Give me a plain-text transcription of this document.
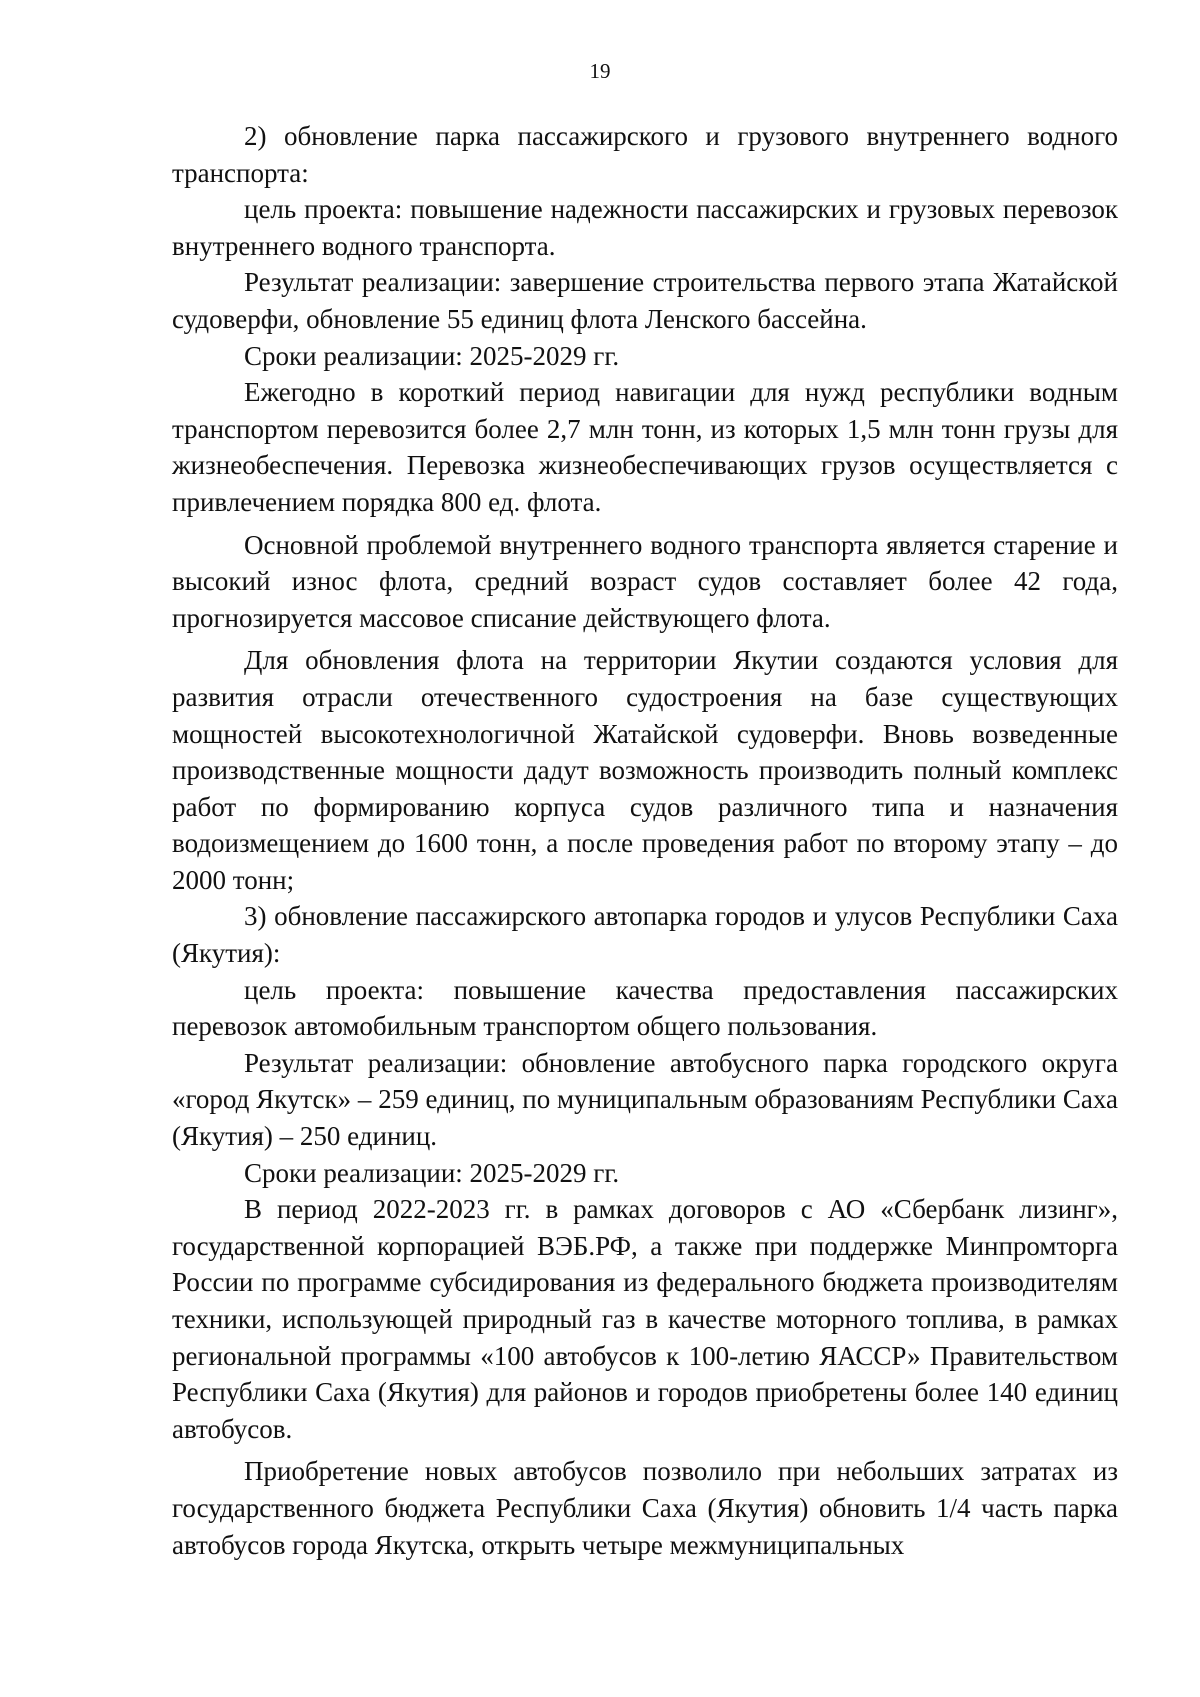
19

2) обновление парка пассажирского и грузового внутреннего водного транспорта:

цель проекта: повышение надежности пассажирских и грузовых перевозок внутреннего водного транспорта.

Результат реализации: завершение строительства первого этапа Жатайской судоверфи, обновление 55 единиц флота Ленского бассейна.

Сроки реализации: 2025-2029 гг.

Ежегодно в короткий период навигации для нужд республики водным транспортом перевозится более 2,7 млн тонн, из которых 1,5 млн тонн грузы для жизнеобеспечения. Перевозка жизнеобеспечивающих грузов осуществляется с привлечением порядка 800 ед. флота.

Основной проблемой внутреннего водного транспорта является старение и высокий износ флота, средний возраст судов составляет более 42 года, прогнозируется массовое списание действующего флота.

Для обновления флота на территории Якутии создаются условия для развития отрасли отечественного судостроения на базе существующих мощностей высокотехнологичной Жатайской судоверфи. Вновь возведенные производственные мощности дадут возможность производить полный комплекс работ по формированию корпуса судов различного типа и назначения водоизмещением до 1600 тонн, а после проведения работ по второму этапу – до 2000 тонн;

3) обновление пассажирского автопарка городов и улусов Республики Саха (Якутия):

цель проекта: повышение качества предоставления пассажирских перевозок автомобильным транспортом общего пользования.

Результат реализации: обновление автобусного парка городского округа «город Якутск» – 259 единиц, по муниципальным образованиям Республики Саха (Якутия) – 250 единиц.

Сроки реализации: 2025-2029 гг.

В период 2022-2023 гг. в рамках договоров с АО «Сбербанк лизинг», государственной корпорацией ВЭБ.РФ, а также при поддержке Минпромторга России по программе субсидирования из федерального бюджета производителям техники, использующей природный газ в качестве моторного топлива, в рамках региональной программы «100 автобусов к 100-летию ЯАССР» Правительством Республики Саха (Якутия) для районов и городов приобретены более 140 единиц автобусов.

Приобретение новых автобусов позволило при небольших затратах из государственного бюджета Республики Саха (Якутия) обновить 1/4 часть парка автобусов города Якутска, открыть четыре межмуниципальных
